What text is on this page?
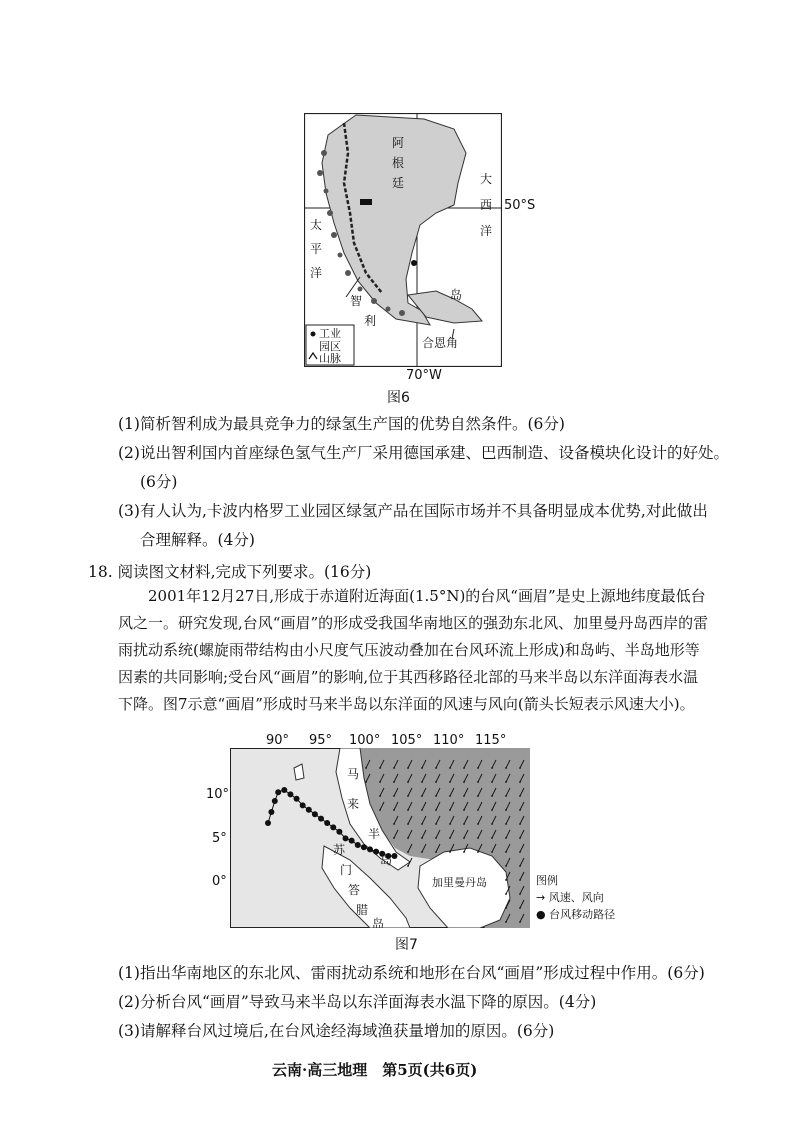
阿
根
廷	大
西
洋
太
平
洋
智
利
岛
合恩角
工业
园区
山脉
50°S
70°W
图6
(1)简析智利成为最具竞争力的绿氢生产国的优势自然条件。(6分)
(2)说出智利国内首座绿色氢气生产厂采用德国承建、巴西制造、设备模块化设计的好处。
(6分)
(3)有人认为,卡波内格罗工业园区绿氢产品在国际市场并不具备明显成本优势,对此做出
合理解释。(4分)
18. 阅读图文材料,完成下列要求。(16分)
2001年12月27日,形成于赤道附近海面(1.5°N)的台风“画眉”是史上源地纬度最低台风之一。研究发现,台风“画眉”的形成受我国华南地区的强劲东北风、加里曼丹岛西岸的雷雨扰动系统(螺旋雨带结构由小尺度气压波动叠加在台风环流上形成)和岛屿、半岛地形等因素的共同影响;受台风“画眉”的影响,位于其西移路径北部的马来半岛以东洋面海表水温下降。图7示意“画眉”形成时马来半岛以东洋面的风速与风向(箭头长短表示风速大小)。
马
来
半
岛
苏
门
答
腊
岛
加里曼丹岛
90° 95° 100° 105° 110° 115°
10°
5°
0°	图例
→ 风速、风向
● 台风移动路径
图7
(1)指出华南地区的东北风、雷雨扰动系统和地形在台风“画眉”形成过程中作用。(6分)
(2)分析台风“画眉”导致马来半岛以东洋面海表水温下降的原因。(4分)
(3)请解释台风过境后,在台风途经海域渔获量增加的原因。(6分)
云南·高三地理　第5页(共6页)
